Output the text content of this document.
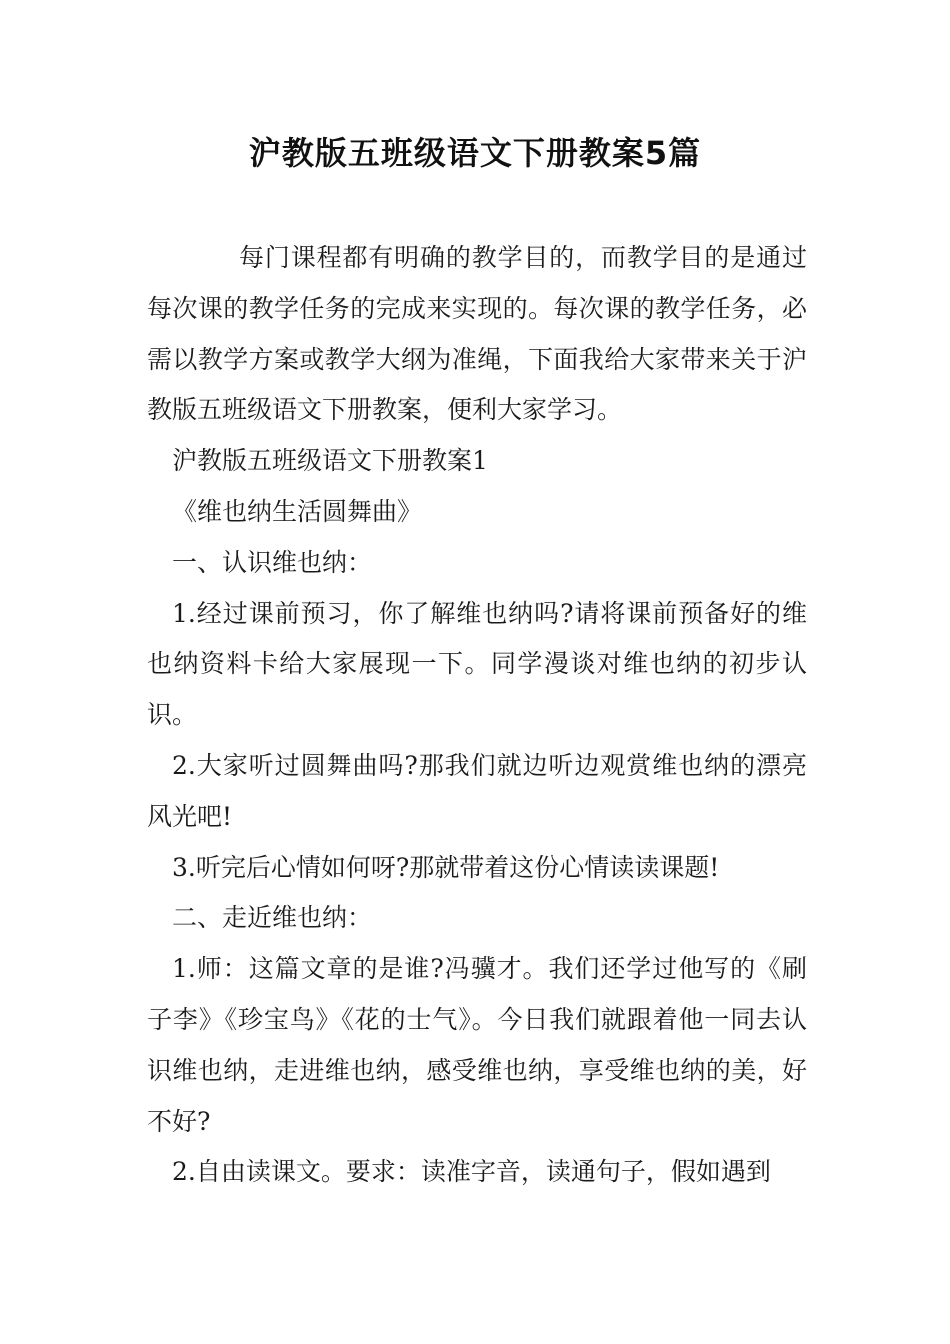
沪教版五班级语文下册教案5篇

每门课程都有明确的教学目的，而教学目的是通过每次课的教学任务的完成来实现的。每次课的教学任务，必需以教学方案或教学大纲为准绳，下面我给大家带来关于沪教版五班级语文下册教案，便利大家学习。

沪教版五班级语文下册教案1

《维也纳生活圆舞曲》

一、认识维也纳：

1.经过课前预习，你了解维也纳吗?请将课前预备好的维也纳资料卡给大家展现一下。同学漫谈对维也纳的初步认识。

2.大家听过圆舞曲吗?那我们就边听边观赏维也纳的漂亮风光吧!

3.听完后心情如何呀?那就带着这份心情读读课题!

二、走近维也纳：

1.师：这篇文章的是谁?冯骥才。我们还学过他写的《刷子李》《珍宝鸟》《花的士气》。今日我们就跟着他一同去认识维也纳，走进维也纳，感受维也纳，享受维也纳的美，好不好?

2.自由读课文。要求：读准字音，读通句子，假如遇到
